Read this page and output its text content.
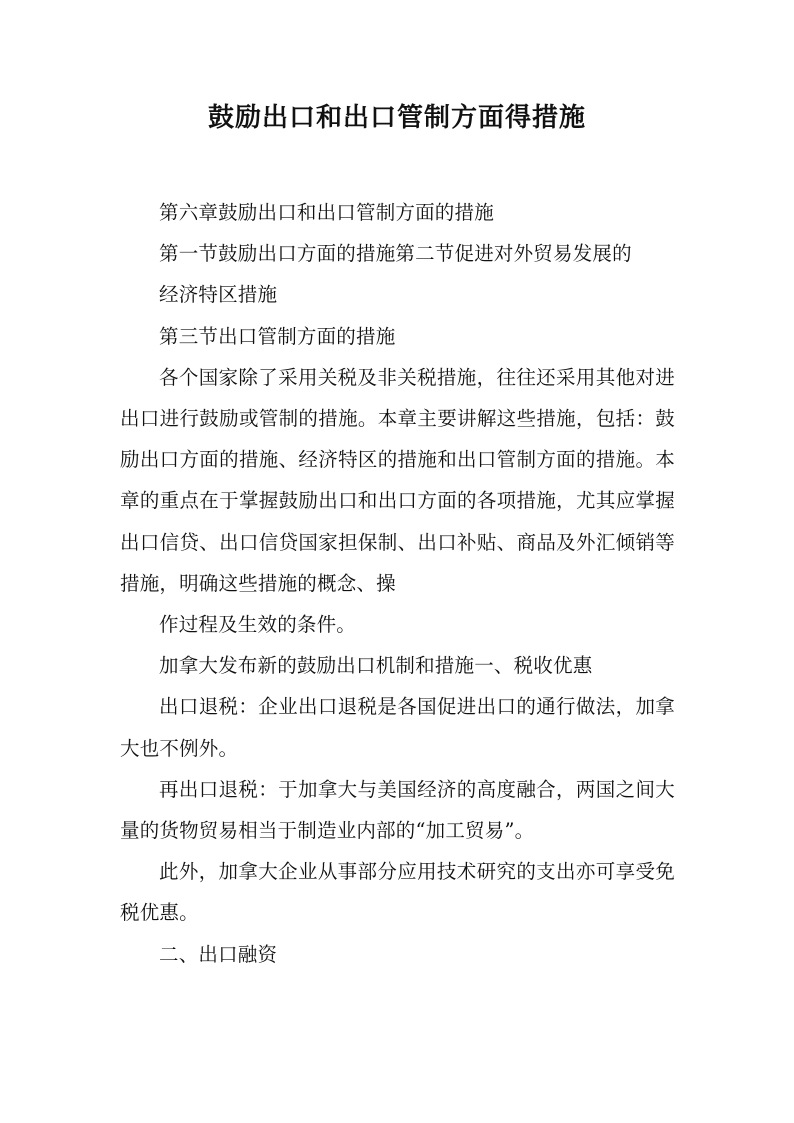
鼓励出口和出口管制方面得措施

第六章鼓励出口和出口管制方面的措施

第一节鼓励出口方面的措施第二节促进对外贸易发展的

经济特区措施

第三节出口管制方面的措施

各个国家除了采用关税及非关税措施，往往还采用其他对进出口进行鼓励或管制的措施。本章主要讲解这些措施，包括：鼓励出口方面的措施、经济特区的措施和出口管制方面的措施。本章的重点在于掌握鼓励出口和出口方面的各项措施，尤其应掌握出口信贷、出口信贷国家担保制、出口补贴、商品及外汇倾销等措施，明确这些措施的概念、操

作过程及生效的条件。

加拿大发布新的鼓励出口机制和措施一、税收优惠

出口退税：企业出口退税是各国促进出口的通行做法，加拿大也不例外。

再出口退税：于加拿大与美国经济的高度融合，两国之间大量的货物贸易相当于制造业内部的“加工贸易”。

此外，加拿大企业从事部分应用技术研究的支出亦可享受免税优惠。

二、出口融资
